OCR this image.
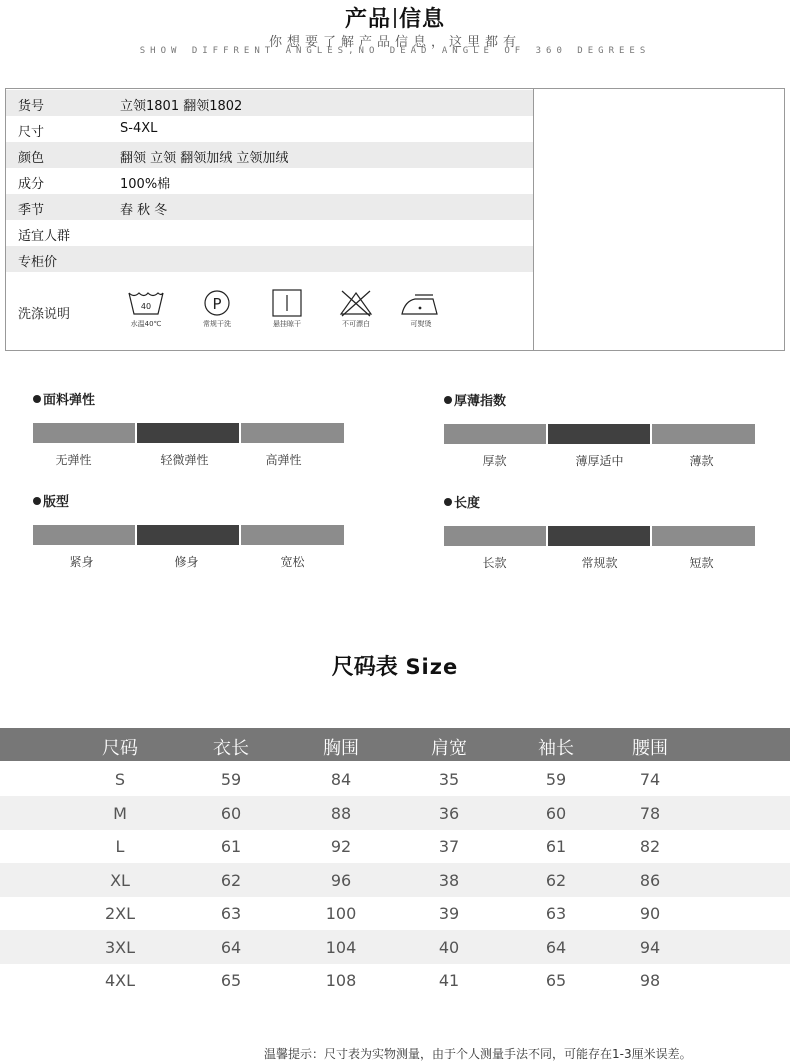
产品 信息
你想要了解产品信息，这里都有
SHOW DIFFRENT ANGLES,NO DEAD ANGLE OF 360 DEGREES
货号	立领1801 翻领1802
尺寸	S-4XL
颜色	翻领 立领 翻领加绒 立领加绒
成分	100%棉
季节	春 秋 冬
适宜人群
专柜价
洗涤说明
40
水温40℃
P
常规干洗	悬挂晾干	不可漂白	可熨烫
面料弹性
无弹性	轻微弹性	高弹性
厚薄指数
厚款	薄厚适中	薄款
版型
紧身	修身	宽松
长度
长款	常规款	短款
尺码表 Size
尺码	衣长	胸围	肩宽	袖长	腰围
S	59	84	35	59	74
M	60	88	36	60	78
L	61	92	37	61	82
XL	62	96	38	62	86
2XL	63	100	39	63	90
3XL	64	104	40	64	94
4XL	65	108	41	65	98
温馨提示：尺寸表为实物测量，由于个人测量手法不同，可能存在1-3厘米误差。
